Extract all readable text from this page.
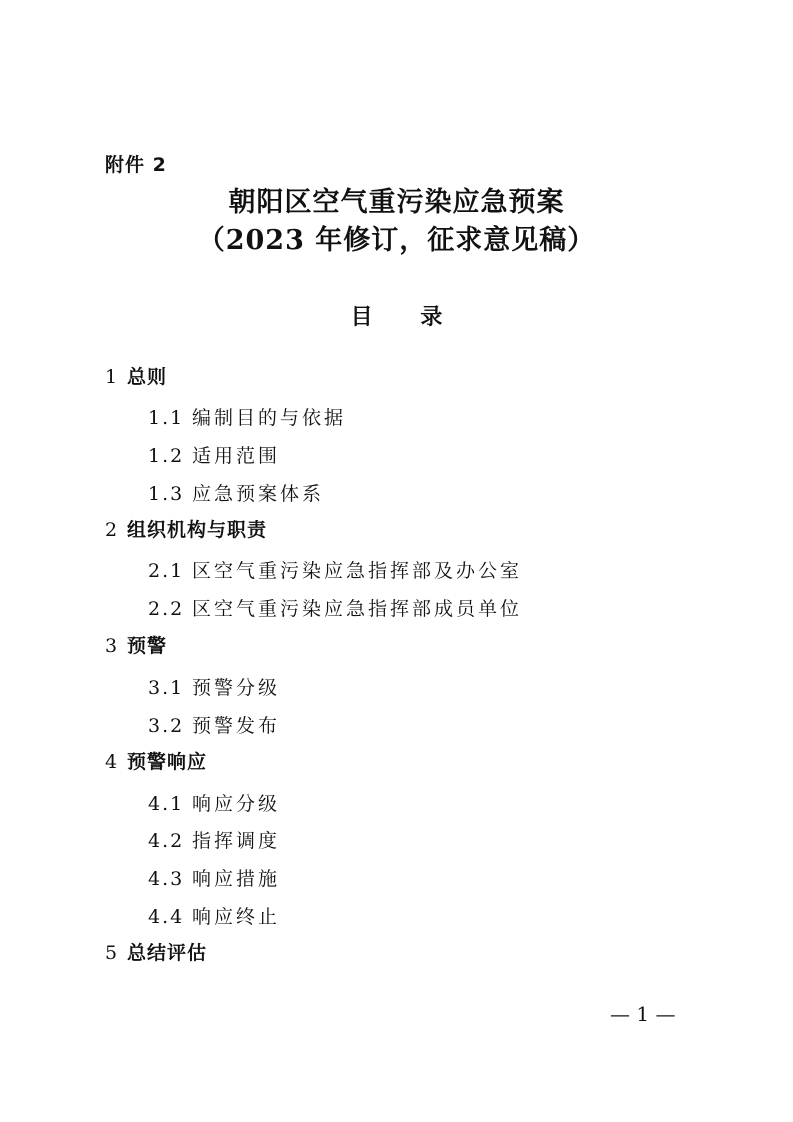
附件 2
朝阳区空气重污染应急预案
（2023 年修订，征求意见稿）
目 录
1 总则
1.1 编制目的与依据
1.2 适用范围
1.3 应急预案体系
2 组织机构与职责
2.1 区空气重污染应急指挥部及办公室
2.2 区空气重污染应急指挥部成员单位
3 预警
3.1 预警分级
3.2 预警发布
4 预警响应
4.1 响应分级
4.2 指挥调度
4.3 响应措施
4.4 响应终止
5 总结评估
— 1 —
